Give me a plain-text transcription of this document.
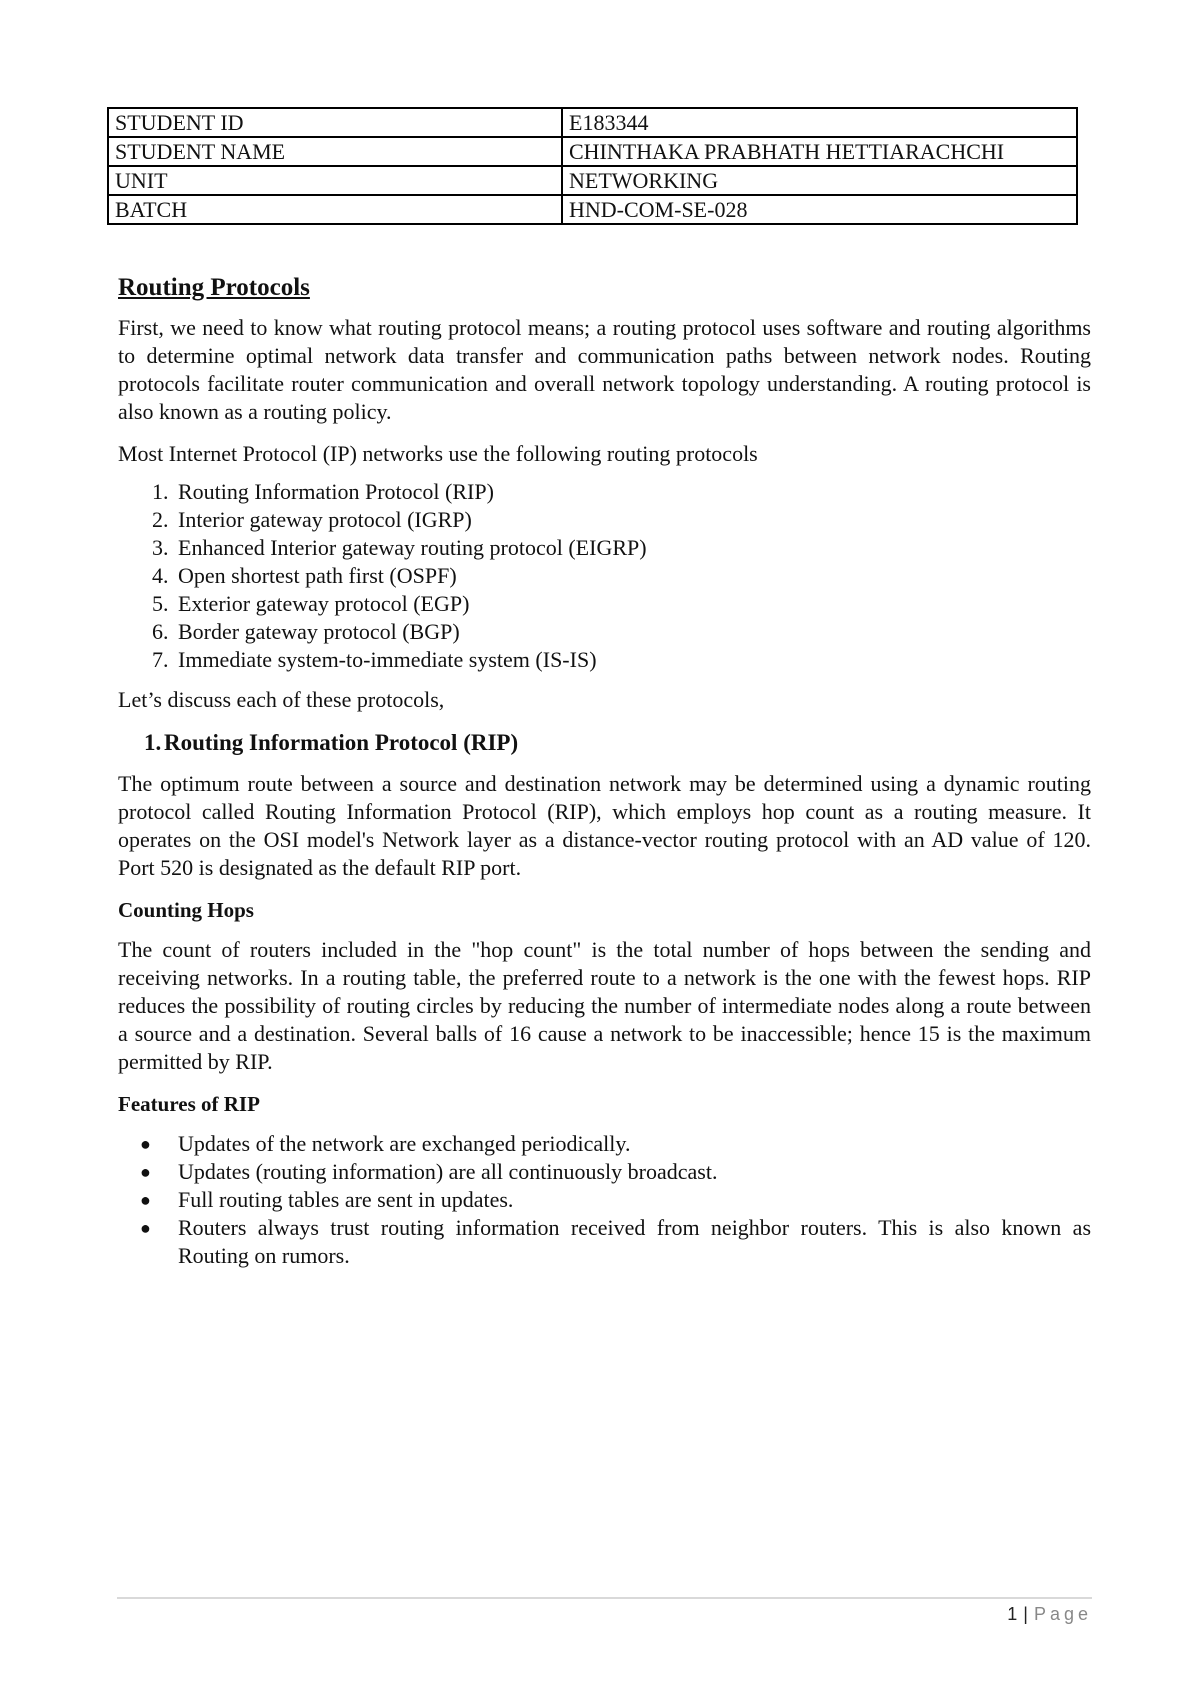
STUDENT ID	E183344
STUDENT NAME	CHINTHAKA PRABHATH HETTIARACHCHI
UNIT	NETWORKING
BATCH	HND-COM-SE-028
Routing Protocols

First, we need to know what routing protocol means; a routing protocol uses software and routing algorithms to determine optimal network data transfer and communication paths between network nodes. Routing protocols facilitate router communication and overall network topology understanding. A routing protocol is also known as a routing policy.

Most Internet Protocol (IP) networks use the following routing protocols

1. Routing Information Protocol (RIP)
2. Interior gateway protocol (IGRP)
3. Enhanced Interior gateway routing protocol (EIGRP)
4. Open shortest path first (OSPF)
5. Exterior gateway protocol (EGP)
6. Border gateway protocol (BGP)
7. Immediate system-to-immediate system (IS-IS)

Let’s discuss each of these protocols,

1. Routing Information Protocol (RIP)

The optimum route between a source and destination network may be determined using a dynamic routing protocol called Routing Information Protocol (RIP), which employs hop count as a routing measure. It operates on the OSI model's Network layer as a distance-vector routing protocol with an AD value of 120. Port 520 is designated as the default RIP port.

Counting Hops

The count of routers included in the "hop count" is the total number of hops between the sending and receiving networks. In a routing table, the preferred route to a network is the one with the fewest hops. RIP reduces the possibility of routing circles by reducing the number of intermediate nodes along a route between a source and a destination. Several balls of 16 cause a network to be inaccessible; hence 15 is the maximum permitted by RIP.

Features of RIP
● Updates of the network are exchanged periodically.
● Updates (routing information) are all continuously broadcast.
● Full routing tables are sent in updates.
● Routers always trust routing information received from neighbor routers. This is also known as Routing on rumors.
1 | Page
